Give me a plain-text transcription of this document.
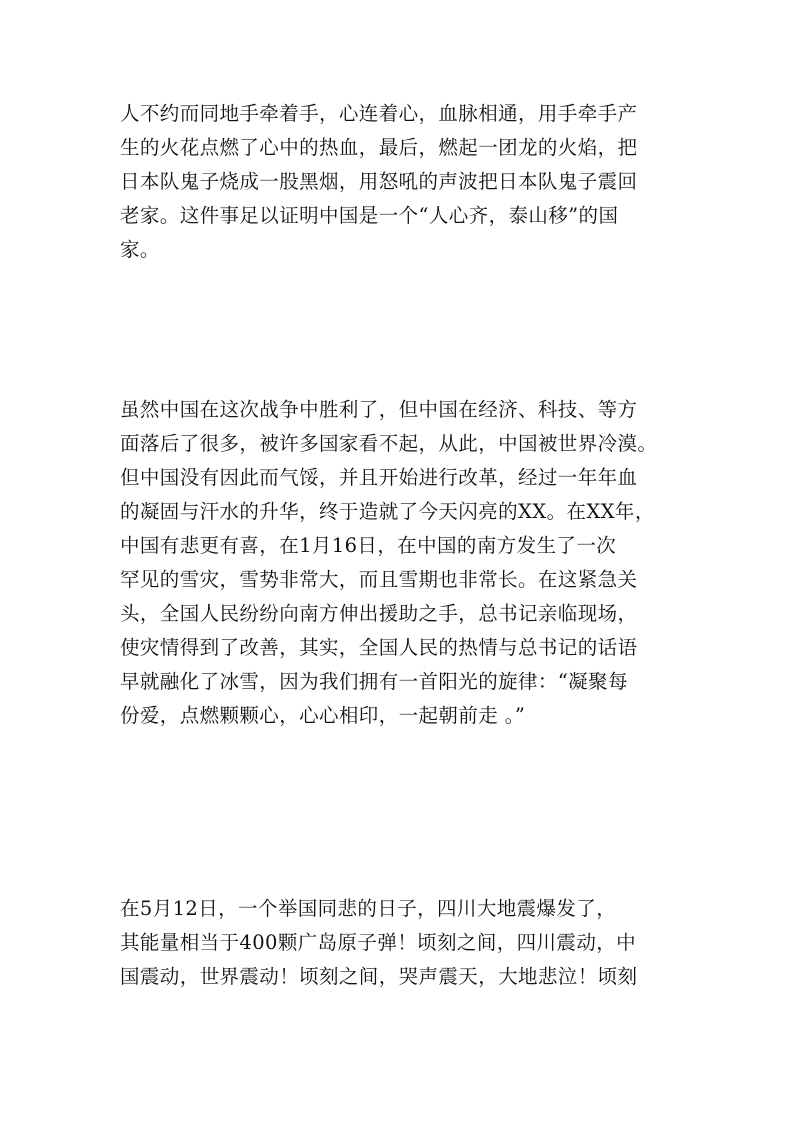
人不约而同地手牵着手，心连着心，血脉相通，用手牵手产
生的火花点燃了心中的热血，最后，燃起一团龙的火焰，把
日本队鬼子烧成一股黑烟，用怒吼的声波把日本队鬼子震回
老家。这件事足以证明中国是一个“人心齐，泰山移”的国
家。
虽然中国在这次战争中胜利了，但中国在经济、科技、等方
面落后了很多，被许多国家看不起，从此，中国被世界冷漠。
但中国没有因此而气馁，并且开始进行改革，经过一年年血
的凝固与汗水的升华，终于造就了今天闪亮的XX。在XX年，
中国有悲更有喜，在1月16日，在中国的南方发生了一次
罕见的雪灾，雪势非常大，而且雪期也非常长。在这紧急关
头，全国人民纷纷向南方伸出援助之手，总书记亲临现场，
使灾情得到了改善，其实，全国人民的热情与总书记的话语
早就融化了冰雪，因为我们拥有一首阳光的旋律：“凝聚每
份爱，点燃颗颗心，心心相印，一起朝前走 。”
在5月12日，一个举国同悲的日子，四川大地震爆发了，
其能量相当于400颗广岛原子弹！顷刻之间，四川震动，中
国震动，世界震动！顷刻之间，哭声震天，大地悲泣！顷刻
